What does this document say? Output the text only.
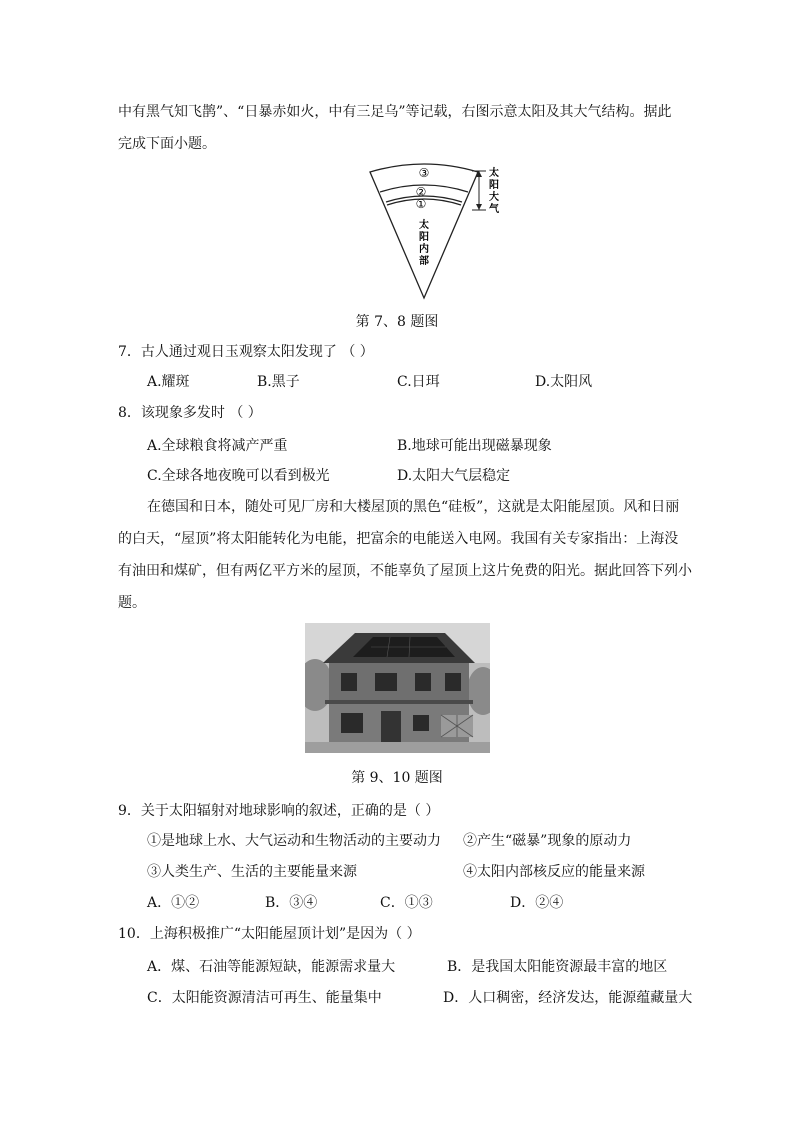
中有黑气知飞鹊”、“日暴赤如火，中有三足乌”等记载，右图示意太阳及其大气结构。据此
完成下面小题。
③
②
①
太
阳
内
部
太
阳
大
气
第 7、8 题图
7．古人通过观日玉观察太阳发现了 （ ）
A.耀斑	B.黑子	C.日珥	D.太阳风
8．该现象多发时 （ ）
A.全球粮食将减产严重	B.地球可能出现磁暴现象
C.全球各地夜晚可以看到极光	D.太阳大气层稳定
在德国和日本，随处可见厂房和大楼屋顶的黑色“硅板”，这就是太阳能屋顶。风和日丽
的白天，“屋顶”将太阳能转化为电能，把富余的电能送入电网。我国有关专家指出：上海没
有油田和煤矿，但有两亿平方米的屋顶，不能辜负了屋顶上这片免费的阳光。据此回答下列小
题。
第 9、10 题图
9．关于太阳辐射对地球影响的叙述，正确的是（ ）
①是地球上水、大气运动和生物活动的主要动力 ②产生“磁暴”现象的原动力
③人类生产、生活的主要能量来源	④太阳内部核反应的能量来源
A．①②	B．③④	C．①③	D．②④
10．上海积极推广“太阳能屋顶计划”是因为（ ）
A．煤、石油等能源短缺，能源需求量大	B．是我国太阳能资源最丰富的地区
C．太阳能资源清洁可再生、能量集中	D．人口稠密，经济发达，能源蕴藏量大
